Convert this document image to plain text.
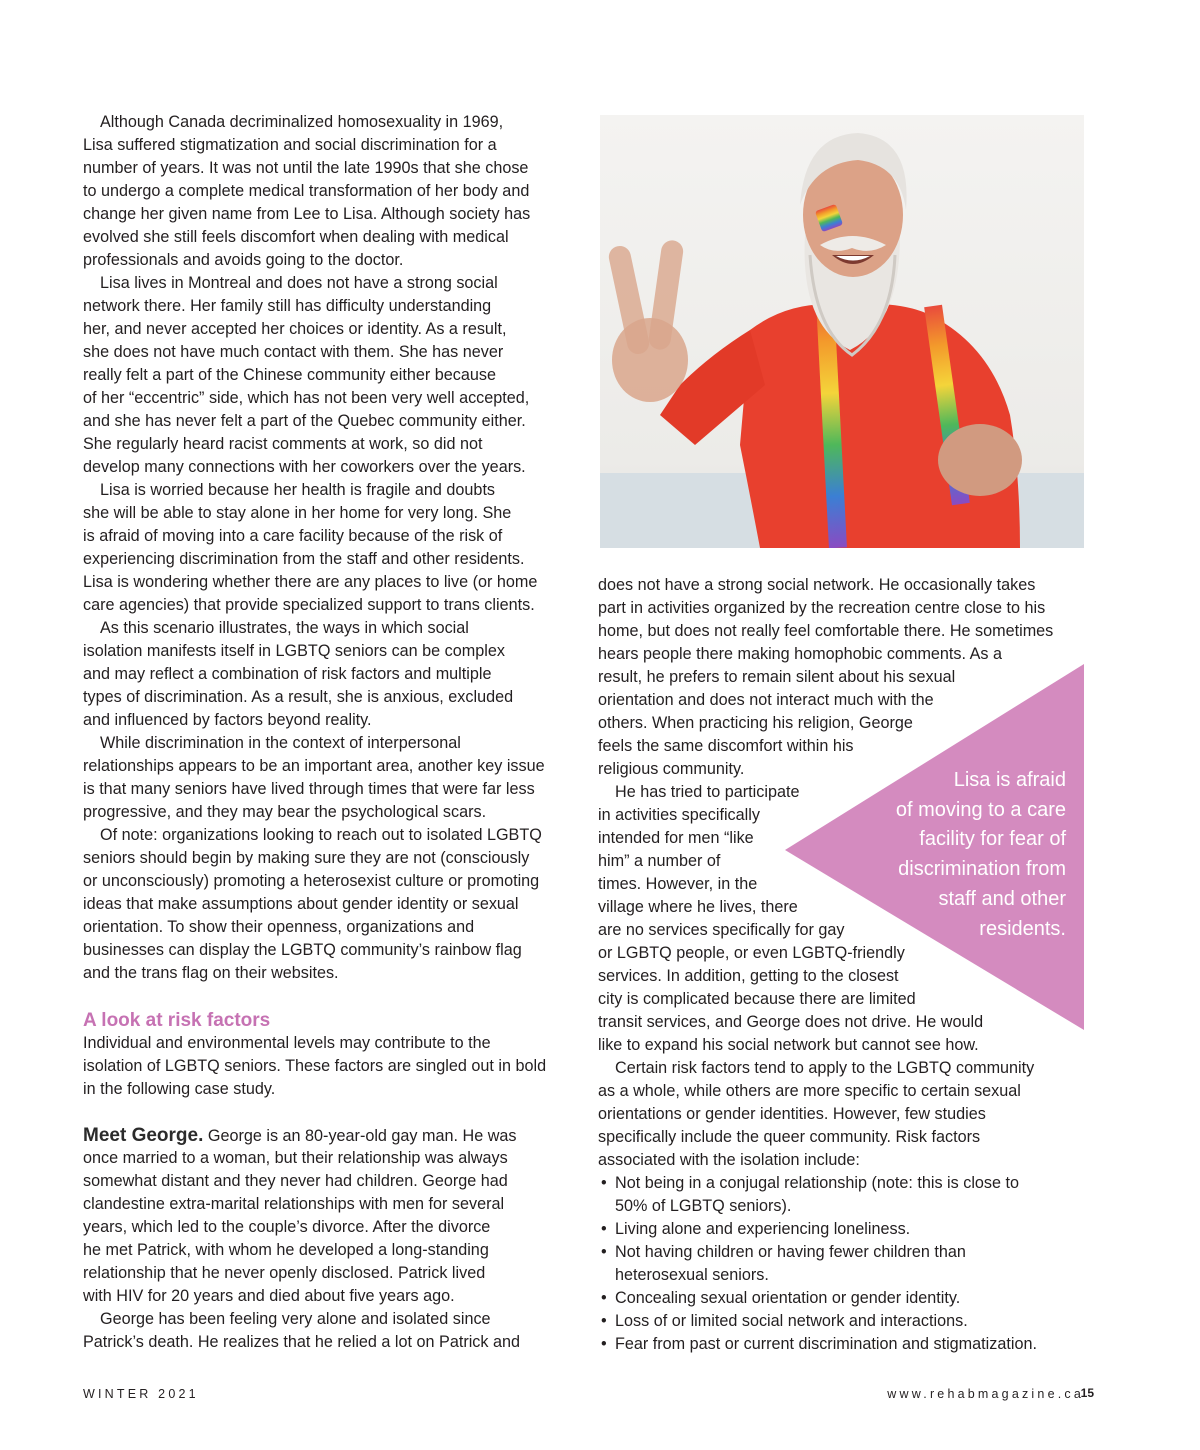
Although Canada decriminalized homosexuality in 1969,
Lisa suffered stigmatization and social discrimination for a
number of years. It was not until the late 1990s that she chose
to undergo a complete medical transformation of her body and
change her given name from Lee to Lisa. Although society has
evolved she still feels discomfort when dealing with medical
professionals and avoids going to the doctor.
Lisa lives in Montreal and does not have a strong social
network there. Her family still has difficulty understanding
her, and never accepted her choices or identity. As a result,
she does not have much contact with them. She has never
really felt a part of the Chinese community either because
of her “eccentric” side, which has not been very well accepted,
and she has never felt a part of the Quebec community either.
She regularly heard racist comments at work, so did not
develop many connections with her coworkers over the years.
Lisa is worried because her health is fragile and doubts
she will be able to stay alone in her home for very long. She
is afraid of moving into a care facility because of the risk of
experiencing discrimination from the staff and other residents.
Lisa is wondering whether there are any places to live (or home
care agencies) that provide specialized support to trans clients.
As this scenario illustrates, the ways in which social
isolation manifests itself in LGBTQ seniors can be complex
and may reflect a combination of risk factors and multiple
types of discrimination. As a result, she is anxious, excluded
and influenced by factors beyond reality.
While discrimination in the context of interpersonal
relationships appears to be an important area, another key issue
is that many seniors have lived through times that were far less
progressive, and they may bear the psychological scars.
Of note: organizations looking to reach out to isolated LGBTQ
seniors should begin by making sure they are not (consciously
or unconsciously) promoting a heterosexist culture or promoting
ideas that make assumptions about gender identity or sexual
orientation. To show their openness, organizations and
businesses can display the LGBTQ community’s rainbow flag
and the trans flag on their websites.
A look at risk factors
Individual and environmental levels may contribute to the
isolation of LGBTQ seniors. These factors are singled out in bold
in the following case study.
Meet George. George is an 80-year-old gay man. He was
once married to a woman, but their relationship was always
somewhat distant and they never had children. George had
clandestine extra-marital relationships with men for several
years, which led to the couple’s divorce. After the divorce
he met Patrick, with whom he developed a long-standing
relationship that he never openly disclosed. Patrick lived
with HIV for 20 years and died about five years ago.
George has been feeling very alone and isolated since
Patrick’s death. He realizes that he relied a lot on Patrick and
does not have a strong social network. He occasionally takes
part in activities organized by the recreation centre close to his
home, but does not really feel comfortable there. He sometimes
hears people there making homophobic comments. As a
result, he prefers to remain silent about his sexual
orientation and does not interact much with the
others. When practicing his religion, George
feels the same discomfort within his
religious community.
He has tried to participate
in activities specifically
intended for men “like
him” a number of
times. However, in the
village where he lives, there
are no services specifically for gay
or LGBTQ people, or even LGBTQ-friendly
services. In addition, getting to the closest
city is complicated because there are limited
transit services, and George does not drive. He would
like to expand his social network but cannot see how.
Certain risk factors tend to apply to the LGBTQ community
as a whole, while others are more specific to certain sexual
orientations or gender identities. However, few studies
specifically include the queer community. Risk factors
associated with the isolation include:
• Not being in a conjugal relationship (note: this is close to
50% of LGBTQ seniors).
• Living alone and experiencing loneliness.
• Not having children or having fewer children than
heterosexual seniors.
• Concealing sexual orientation or gender identity.
• Loss of or limited social network and interactions.
• Fear from past or current discrimination and stigmatization.
Lisa is afraid
of moving to a care
facility for fear of
discrimination from
staff and other
residents.
WINTER 2021	www.rehabmagazine.ca
15
